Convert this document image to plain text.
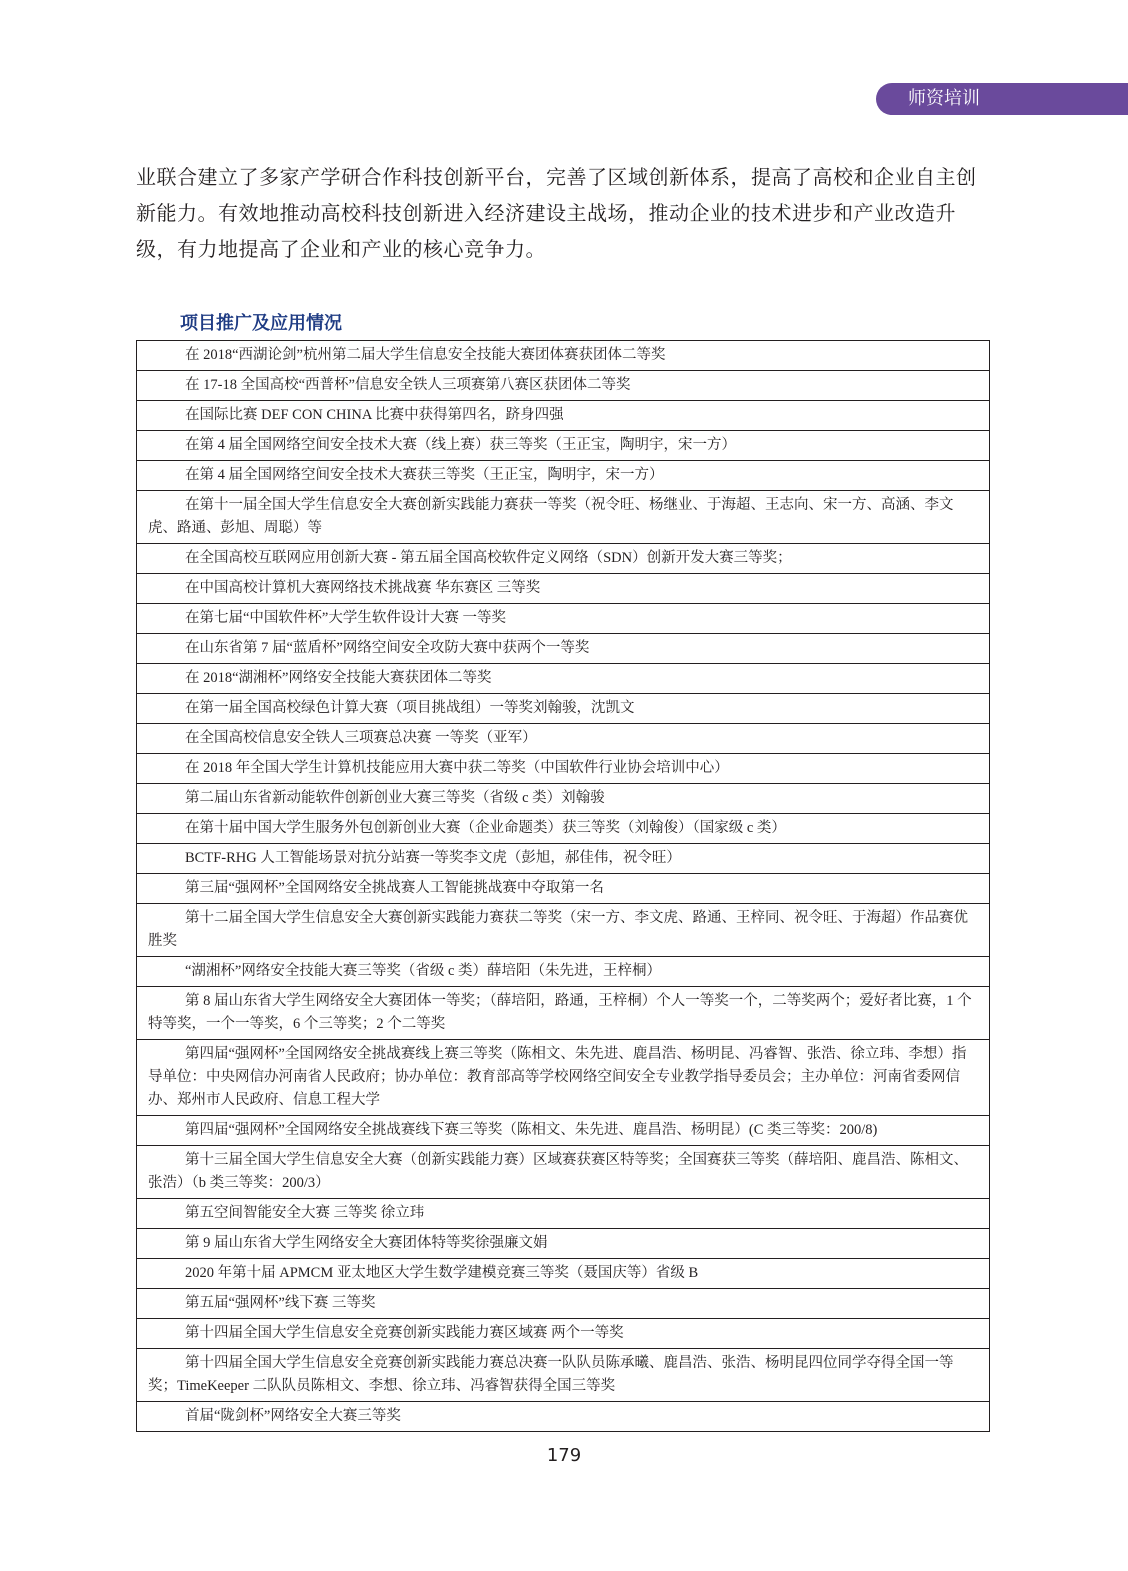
师资培训

业联合建立了多家产学研合作科技创新平台，完善了区域创新体系，提高了高校和企业自主创新能力。有效地推动高校科技创新进入经济建设主战场，推动企业的技术进步和产业改造升级，有力地提高了企业和产业的核心竞争力。

项目推广及应用情况
在 2018“西湖论剑”杭州第二届大学生信息安全技能大赛团体赛获团体二等奖
在 17-18 全国高校“西普杯”信息安全铁人三项赛第八赛区获团体二等奖
在国际比赛 DEF CON CHINA 比赛中获得第四名，跻身四强
在第 4 届全国网络空间安全技术大赛（线上赛）获三等奖（王正宝，陶明宇，宋一方）
在第 4 届全国网络空间安全技术大赛获三等奖（王正宝，陶明宇，宋一方）
在第十一届全国大学生信息安全大赛创新实践能力赛获一等奖（祝令旺、杨继业、于海超、王志向、宋一方、高涵、李文虎、路通、彭旭、周聪）等
在全国高校互联网应用创新大赛 - 第五届全国高校软件定义网络（SDN）创新开发大赛三等奖；
在中国高校计算机大赛网络技术挑战赛 华东赛区 三等奖
在第七届“中国软件杯”大学生软件设计大赛 一等奖
在山东省第 7 届“蓝盾杯”网络空间安全攻防大赛中获两个一等奖
在 2018“湖湘杯”网络安全技能大赛获团体二等奖
在第一届全国高校绿色计算大赛（项目挑战组）一等奖刘翰骏，沈凯文
在全国高校信息安全铁人三项赛总决赛 一等奖（亚军）
在 2018 年全国大学生计算机技能应用大赛中获二等奖（中国软件行业协会培训中心）
第二届山东省新动能软件创新创业大赛三等奖（省级 c 类）刘翰骏
在第十届中国大学生服务外包创新创业大赛（企业命题类）获三等奖（刘翰俊）（国家级 c 类）
BCTF-RHG 人工智能场景对抗分站赛一等奖李文虎（彭旭，郝佳伟，祝令旺）
第三届“强网杯”全国网络安全挑战赛人工智能挑战赛中夺取第一名
第十二届全国大学生信息安全大赛创新实践能力赛获二等奖（宋一方、李文虎、路通、王梓同、祝令旺、于海超）作品赛优胜奖
“湖湘杯”网络安全技能大赛三等奖（省级 c 类）薛培阳（朱先进，王梓桐）
第 8 届山东省大学生网络安全大赛团体一等奖；（薛培阳，路通，王梓桐）个人一等奖一个，二等奖两个；爱好者比赛，1 个特等奖，一个一等奖，6 个三等奖；2 个二等奖
第四届“强网杯”全国网络安全挑战赛线上赛三等奖（陈相文、朱先进、鹿昌浩、杨明昆、冯睿智、张浩、徐立玮、李想）指导单位：中央网信办河南省人民政府；协办单位：教育部高等学校网络空间安全专业教学指导委员会；主办单位：河南省委网信办、郑州市人民政府、信息工程大学
第四届“强网杯”全国网络安全挑战赛线下赛三等奖（陈相文、朱先进、鹿昌浩、杨明昆）(C 类三等奖：200/8)
第十三届全国大学生信息安全大赛（创新实践能力赛）区域赛获赛区特等奖；全国赛获三等奖（薛培阳、鹿昌浩、陈相文、张浩）（b 类三等奖：200/3）
第五空间智能安全大赛 三等奖 徐立玮
第 9 届山东省大学生网络安全大赛团体特等奖徐强廉文娟
2020 年第十届 APMCM 亚太地区大学生数学建模竞赛三等奖（聂国庆等）省级 B
第五届“强网杯”线下赛 三等奖
第十四届全国大学生信息安全竞赛创新实践能力赛区域赛 两个一等奖
第十四届全国大学生信息安全竞赛创新实践能力赛总决赛一队队员陈承曦、鹿昌浩、张浩、杨明昆四位同学夺得全国一等奖；TimeKeeper 二队队员陈相文、李想、徐立玮、冯睿智获得全国三等奖
首届“陇剑杯”网络安全大赛三等奖
179
